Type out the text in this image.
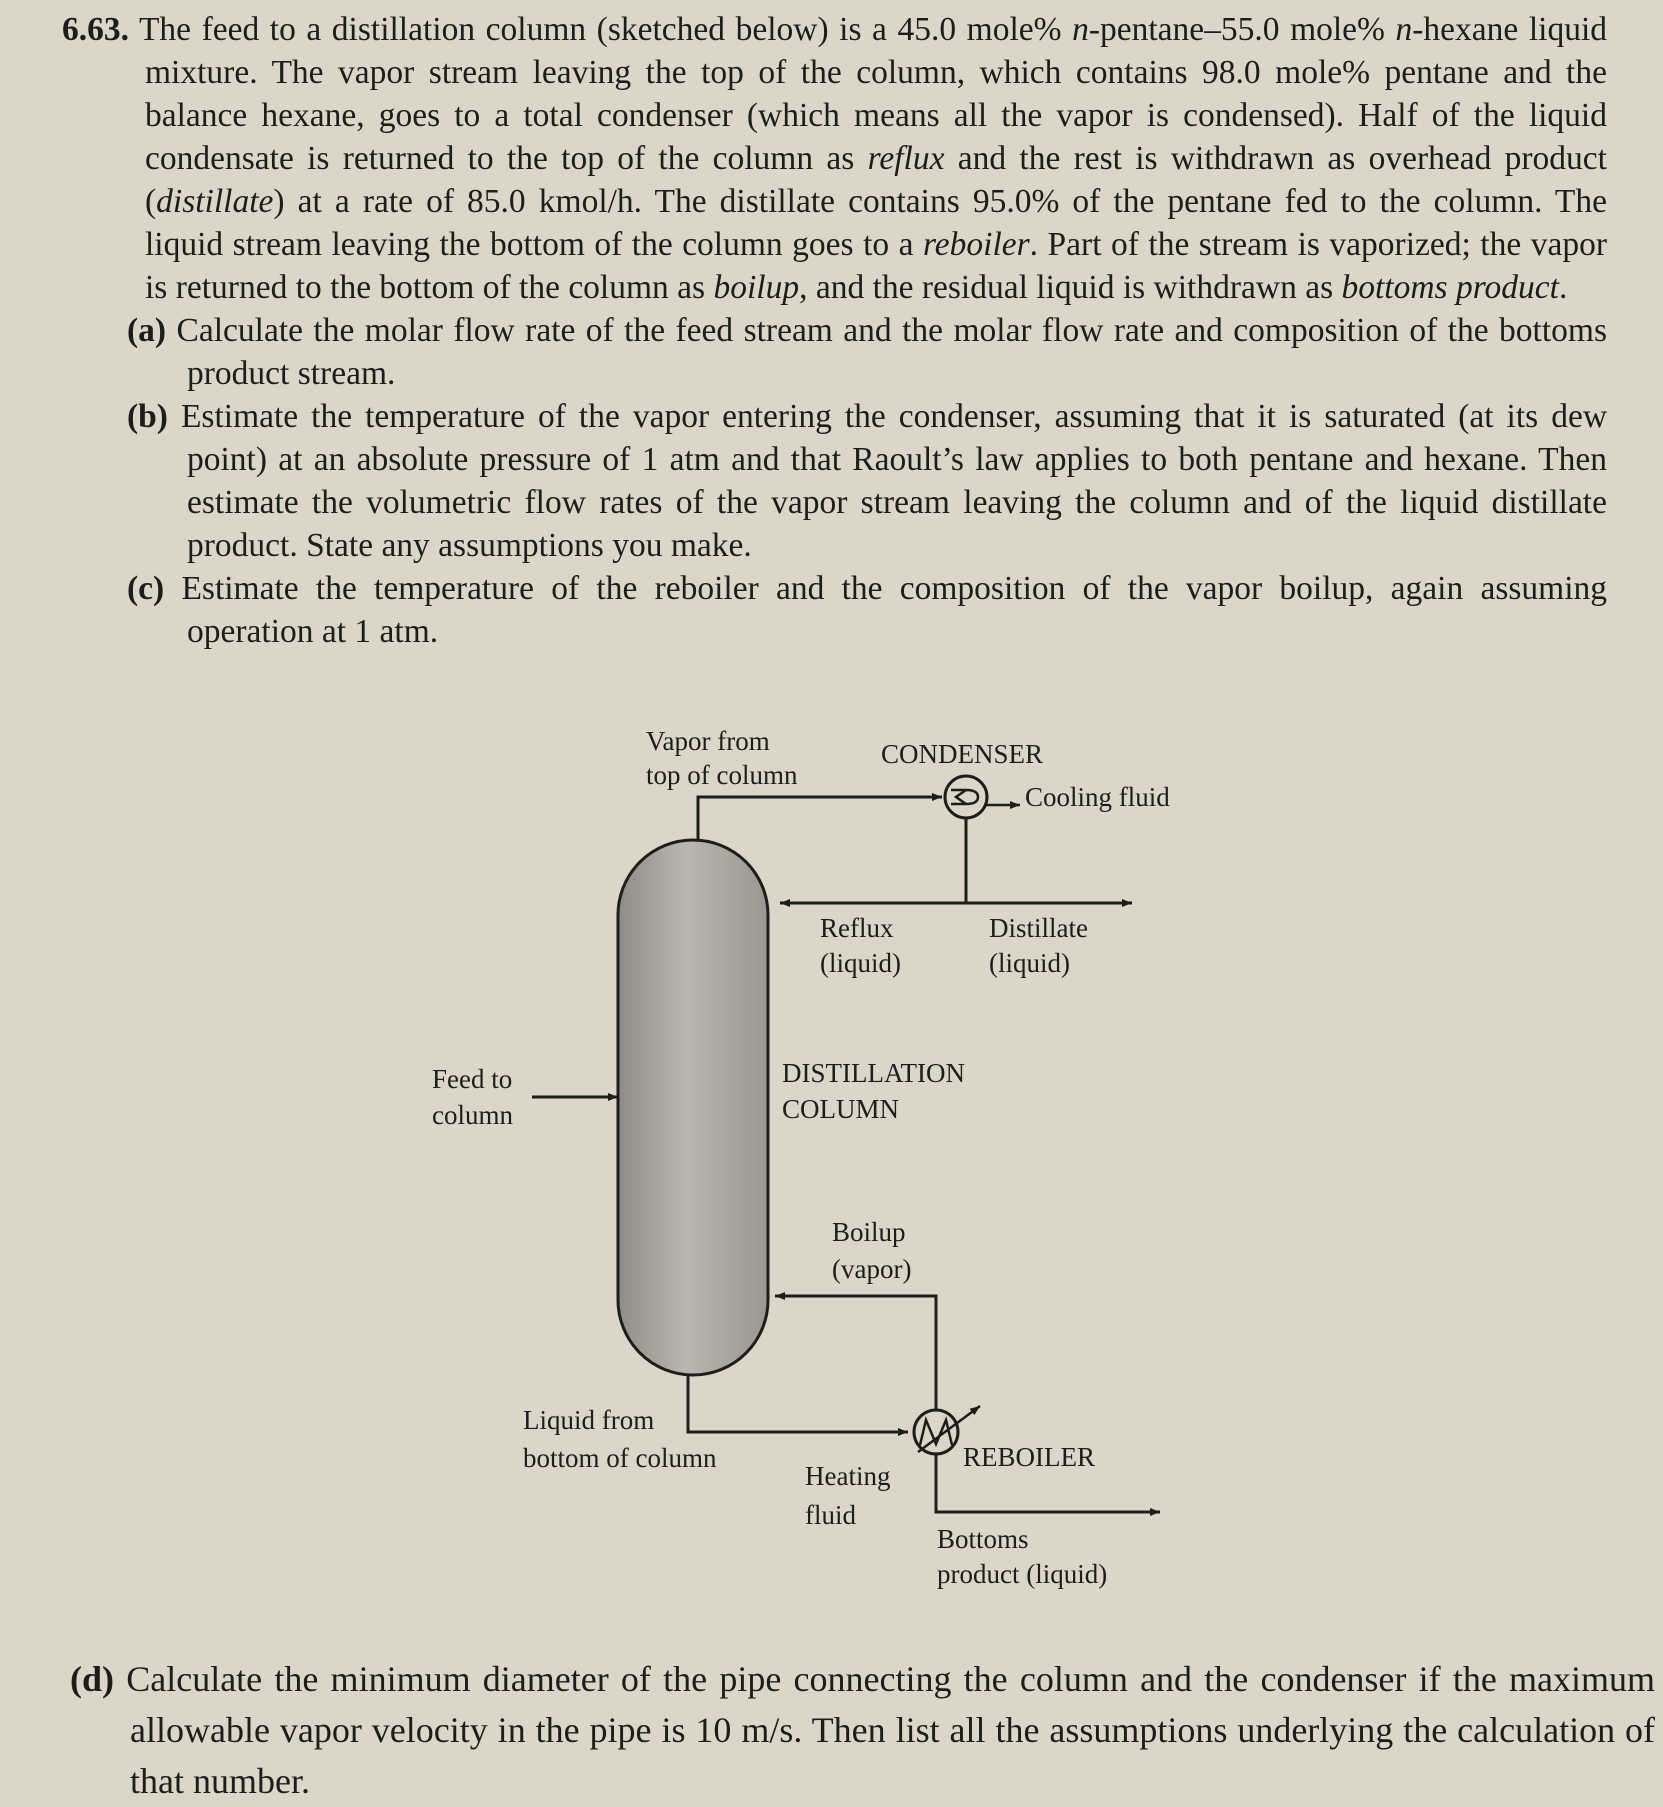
6.63. The feed to a distillation column (sketched below) is a 45.0 mole% n-pentane–55.0 mole% n-hexane liquid mixture. The vapor stream leaving the top of the column, which contains 98.0 mole% pentane and the balance hexane, goes to a total condenser (which means all the vapor is condensed). Half of the liquid condensate is returned to the top of the column as reflux and the rest is withdrawn as overhead product (distillate) at a rate of 85.0 kmol/h. The distillate contains 95.0% of the pentane fed to the column. The liquid stream leaving the bottom of the column goes to a reboiler. Part of the stream is vaporized; the vapor is returned to the bottom of the column as boilup, and the residual liquid is withdrawn as bottoms product.

(a) Calculate the molar flow rate of the feed stream and the molar flow rate and composition of the bottoms product stream.

(b) Estimate the temperature of the vapor entering the condenser, assuming that it is saturated (at its dew point) at an absolute pressure of 1 atm and that Raoult’s law applies to both pentane and hexane. Then estimate the volumetric flow rates of the vapor stream leaving the column and of the liquid distillate product. State any assumptions you make.

(c) Estimate the temperature of the reboiler and the composition of the vapor boilup, again assuming operation at 1 atm.

Vapor from
top of column
CONDENSER
Cooling fluid
Reflux
(liquid)
Distillate
(liquid)
Feed to
column
DISTILLATION
COLUMN
Boilup
(vapor)
Liquid from
bottom of column
Heating
fluid
REBOILER
Bottoms
product (liquid)

(d) Calculate the minimum diameter of the pipe connecting the column and the condenser if the maximum allowable vapor velocity in the pipe is 10 m/s. Then list all the assumptions underlying the calculation of that number.
